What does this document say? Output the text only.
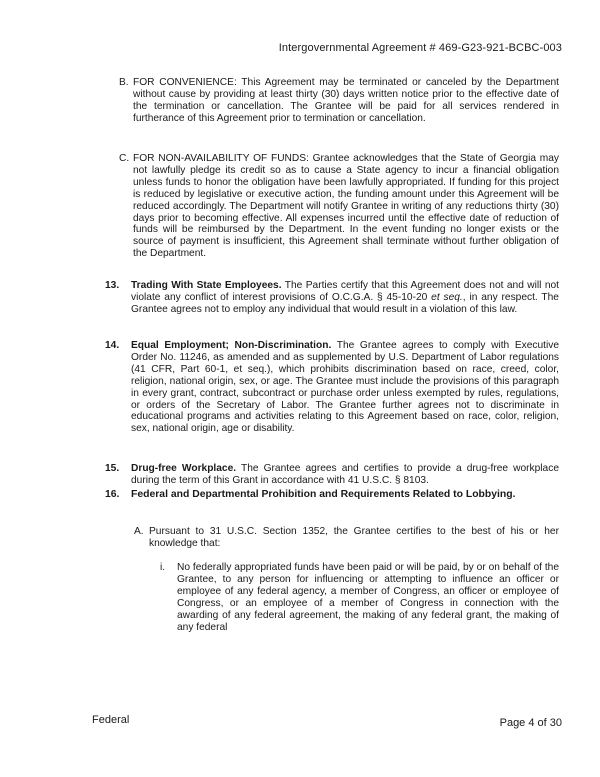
Intergovernmental Agreement # 469-G23-921-BCBC-003
B. FOR CONVENIENCE: This Agreement may be terminated or canceled by the Department without cause by providing at least thirty (30) days written notice prior to the effective date of the termination or cancellation. The Grantee will be paid for all services rendered in furtherance of this Agreement prior to termination or cancellation.
C. FOR NON-AVAILABILITY OF FUNDS: Grantee acknowledges that the State of Georgia may not lawfully pledge its credit so as to cause a State agency to incur a financial obligation unless funds to honor the obligation have been lawfully appropriated. If funding for this project is reduced by legislative or executive action, the funding amount under this Agreement will be reduced accordingly. The Department will notify Grantee in writing of any reductions thirty (30) days prior to becoming effective. All expenses incurred until the effective date of reduction of funds will be reimbursed by the Department. In the event funding no longer exists or the source of payment is insufficient, this Agreement shall terminate without further obligation of the Department.
13. Trading With State Employees. The Parties certify that this Agreement does not and will not violate any conflict of interest provisions of O.C.G.A. § 45-10-20 et seq., in any respect. The Grantee agrees not to employ any individual that would result in a violation of this law.
14. Equal Employment; Non-Discrimination. The Grantee agrees to comply with Executive Order No. 11246, as amended and as supplemented by U.S. Department of Labor regulations (41 CFR, Part 60-1, et seq.), which prohibits discrimination based on race, creed, color, religion, national origin, sex, or age. The Grantee must include the provisions of this paragraph in every grant, contract, subcontract or purchase order unless exempted by rules, regulations, or orders of the Secretary of Labor. The Grantee further agrees not to discriminate in educational programs and activities relating to this Agreement based on race, color, religion, sex, national origin, age or disability.
15. Drug-free Workplace. The Grantee agrees and certifies to provide a drug-free workplace during the term of this Grant in accordance with 41 U.S.C. § 8103.
16. Federal and Departmental Prohibition and Requirements Related to Lobbying.
A. Pursuant to 31 U.S.C. Section 1352, the Grantee certifies to the best of his or her knowledge that:
i. No federally appropriated funds have been paid or will be paid, by or on behalf of the Grantee, to any person for influencing or attempting to influence an officer or employee of any federal agency, a member of Congress, an officer or employee of Congress, or an employee of a member of Congress in connection with the awarding of any federal agreement, the making of any federal grant, the making of any federal
Federal	Page 4 of 30
